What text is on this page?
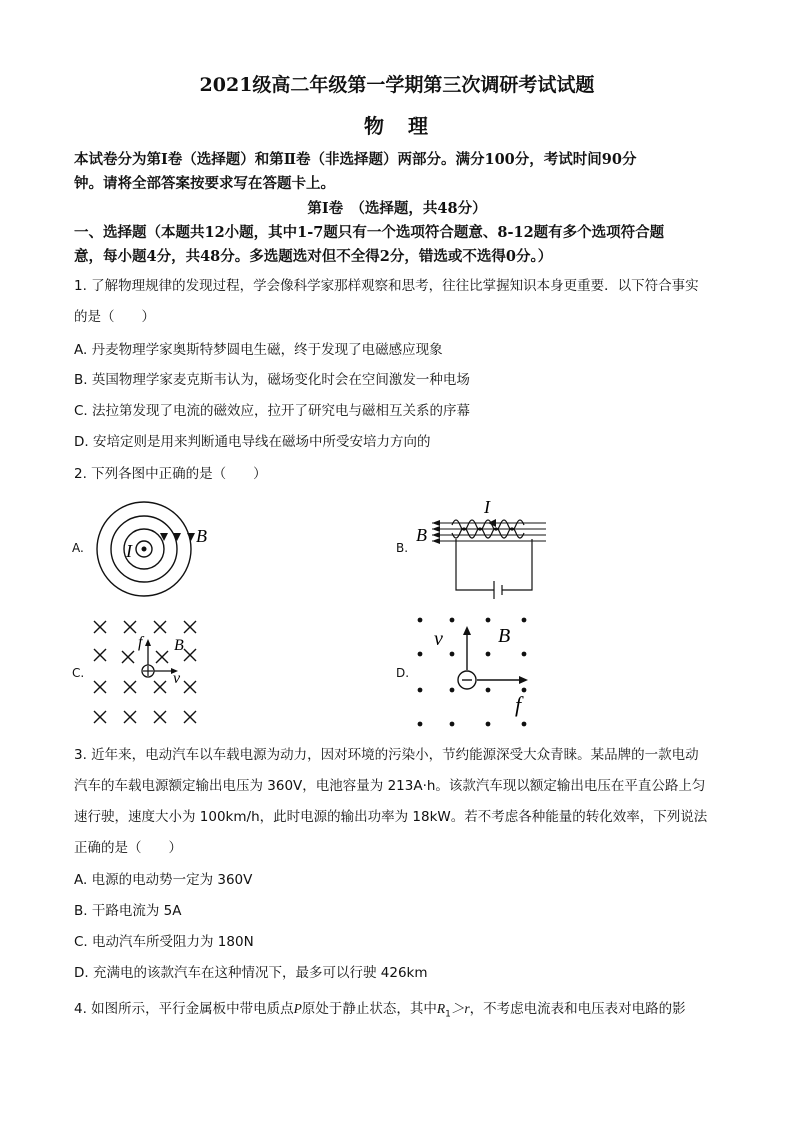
2021级高二年级第一学期第三次调研考试试题
物　理
本试卷分为第Ⅰ卷（选择题）和第Ⅱ卷（非选择题）两部分。满分100分，考试时间90分
钟。请将全部答案按要求写在答题卡上。
第Ⅰ卷　（选择题，共48分）
一、选择题（本题共12小题，其中1-7题只有一个选项符合题意、8-12题有多个选项符合题
意，每小题4分，共48分。多选题选对但不全得2分，错选或不选得0分。）
1. 了解物理规律的发现过程，学会像科学家那样观察和思考，往往比掌握知识本身更重要．以下符合事实
的是（　　）
A. 丹麦物理学家奥斯特梦圆电生磁，终于发现了电磁感应现象
B. 英国物理学家麦克斯韦认为，磁场变化时会在空间激发一种电场
C. 法拉第发现了电流的磁效应，拉开了研究电与磁相互关系的序幕
D. 安培定则是用来判断通电导线在磁场中所受安培力方向的
2. 下列各图中正确的是（　　）
A. I
B
B.
I
B
C.
f B
v	D.
v	B
f
3. 近年来，电动汽车以车载电源为动力，因对环境的污染小，节约能源深受大众青睐。某品牌的一款电动
汽车的车载电源额定输出电压为 360V，电池容量为 213A·h。该款汽车现以额定输出电压在平直公路上匀
速行驶，速度大小为 100km/h，此时电源的输出功率为 18kW。若不考虑各种能量的转化效率，下列说法
正确的是（　　）
A. 电源的电动势一定为 360V
B. 干路电流为 5A
C. 电动汽车所受阻力为 180N
D. 充满电的该款汽车在这种情况下，最多可以行驶 426km
4. 如图所示，平行金属板中带电质点P原处于静止状态，其中$R_1>r$，不考虑电流表和电压表对电路的影
